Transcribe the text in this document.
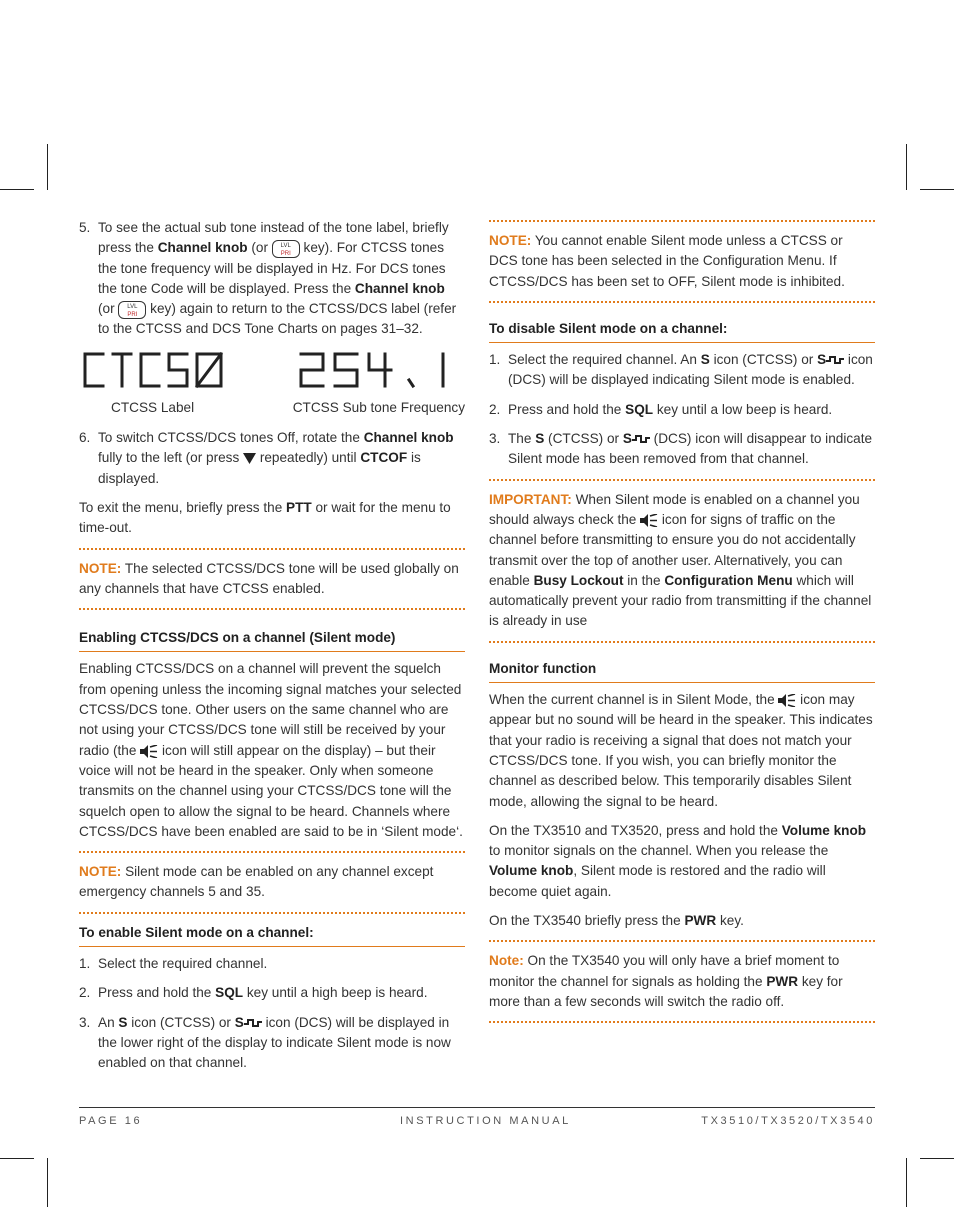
5. To see the actual sub tone instead of the tone label, briefly press the Channel knob (or LVL
PRI key). For CTCSS tones the tone frequency will be displayed in Hz. For DCS tones the tone Code will be displayed. Press the Channel knob (or LVL
PRI key) again to return to the CTCSS/DCS label (refer to the CTCSS and DCS Tone Charts on pages 31–32.
CTCSS Label	CTCSS Sub tone Frequency
6. To switch CTCSS/DCS tones Off, rotate the Channel knob fully to the left (or press  repeatedly) until CTCOF is displayed.

To exit the menu, briefly press the PTT or wait for the menu to time-out.

NOTE: The selected CTCSS/DCS tone will be used globally on any channels that have CTCSS enabled.

Enabling CTCSS/DCS on a channel (Silent mode)

Enabling CTCSS/DCS on a channel will prevent the squelch from opening unless the incoming signal matches your selected CTCSS/DCS tone. Other users on the same channel who are not using your CTCSS/DCS tone will still be received by your radio (the  icon will still appear on the display) – but their voice will not be heard in the speaker. Only when someone transmits on the channel using your CTCSS/DCS tone will the squelch open to allow the signal to be heard. Channels where CTCSS/DCS have been enabled are said to be in ‘Silent mode‘.

NOTE: Silent mode can be enabled on any channel except emergency channels 5 and 35.

To enable Silent mode on a channel:
1. Select the required channel.
2. Press and hold the SQL key until a high beep is heard.
3. An S icon (CTCSS) or S icon (DCS) will be displayed in the lower right of the display to indicate Silent mode is now enabled on that channel.

NOTE: You cannot enable Silent mode unless a CTCSS or DCS tone has been selected in the Configuration Menu. If CTCSS/DCS has been set to OFF, Silent mode is inhibited.

To disable Silent mode on a channel:
1. Select the required channel. An S icon (CTCSS) or S icon (DCS) will be displayed indicating Silent mode is enabled.
2. Press and hold the SQL key until a low beep is heard.
3. The S (CTCSS) or S (DCS) icon will disappear to indicate Silent mode has been removed from that channel.

IMPORTANT: When Silent mode is enabled on a channel you should always check the  icon for signs of traffic on the channel before transmitting to ensure you do not accidentally transmit over the top of another user. Alternatively, you can enable Busy Lockout in the Configuration Menu which will automatically prevent your radio from transmitting if the channel is already in use

Monitor function

When the current channel is in Silent Mode, the  icon may appear but no sound will be heard in the speaker. This indicates that your radio is receiving a signal that does not match your CTCSS/DCS tone. If you wish, you can briefly monitor the channel as described below. This temporarily disables Silent mode, allowing the signal to be heard.

On the TX3510 and TX3520, press and hold the Volume knob to monitor signals on the channel. When you release the Volume knob, Silent mode is restored and the radio will become quiet again.

On the TX3540 briefly press the PWR key.

Note: On the TX3540 you will only have a brief moment to monitor the channel for signals as holding the PWR key for more than a few seconds will switch the radio off.

PAGE 16	INSTRUCTION MANUAL	TX3510/TX3520/TX3540
